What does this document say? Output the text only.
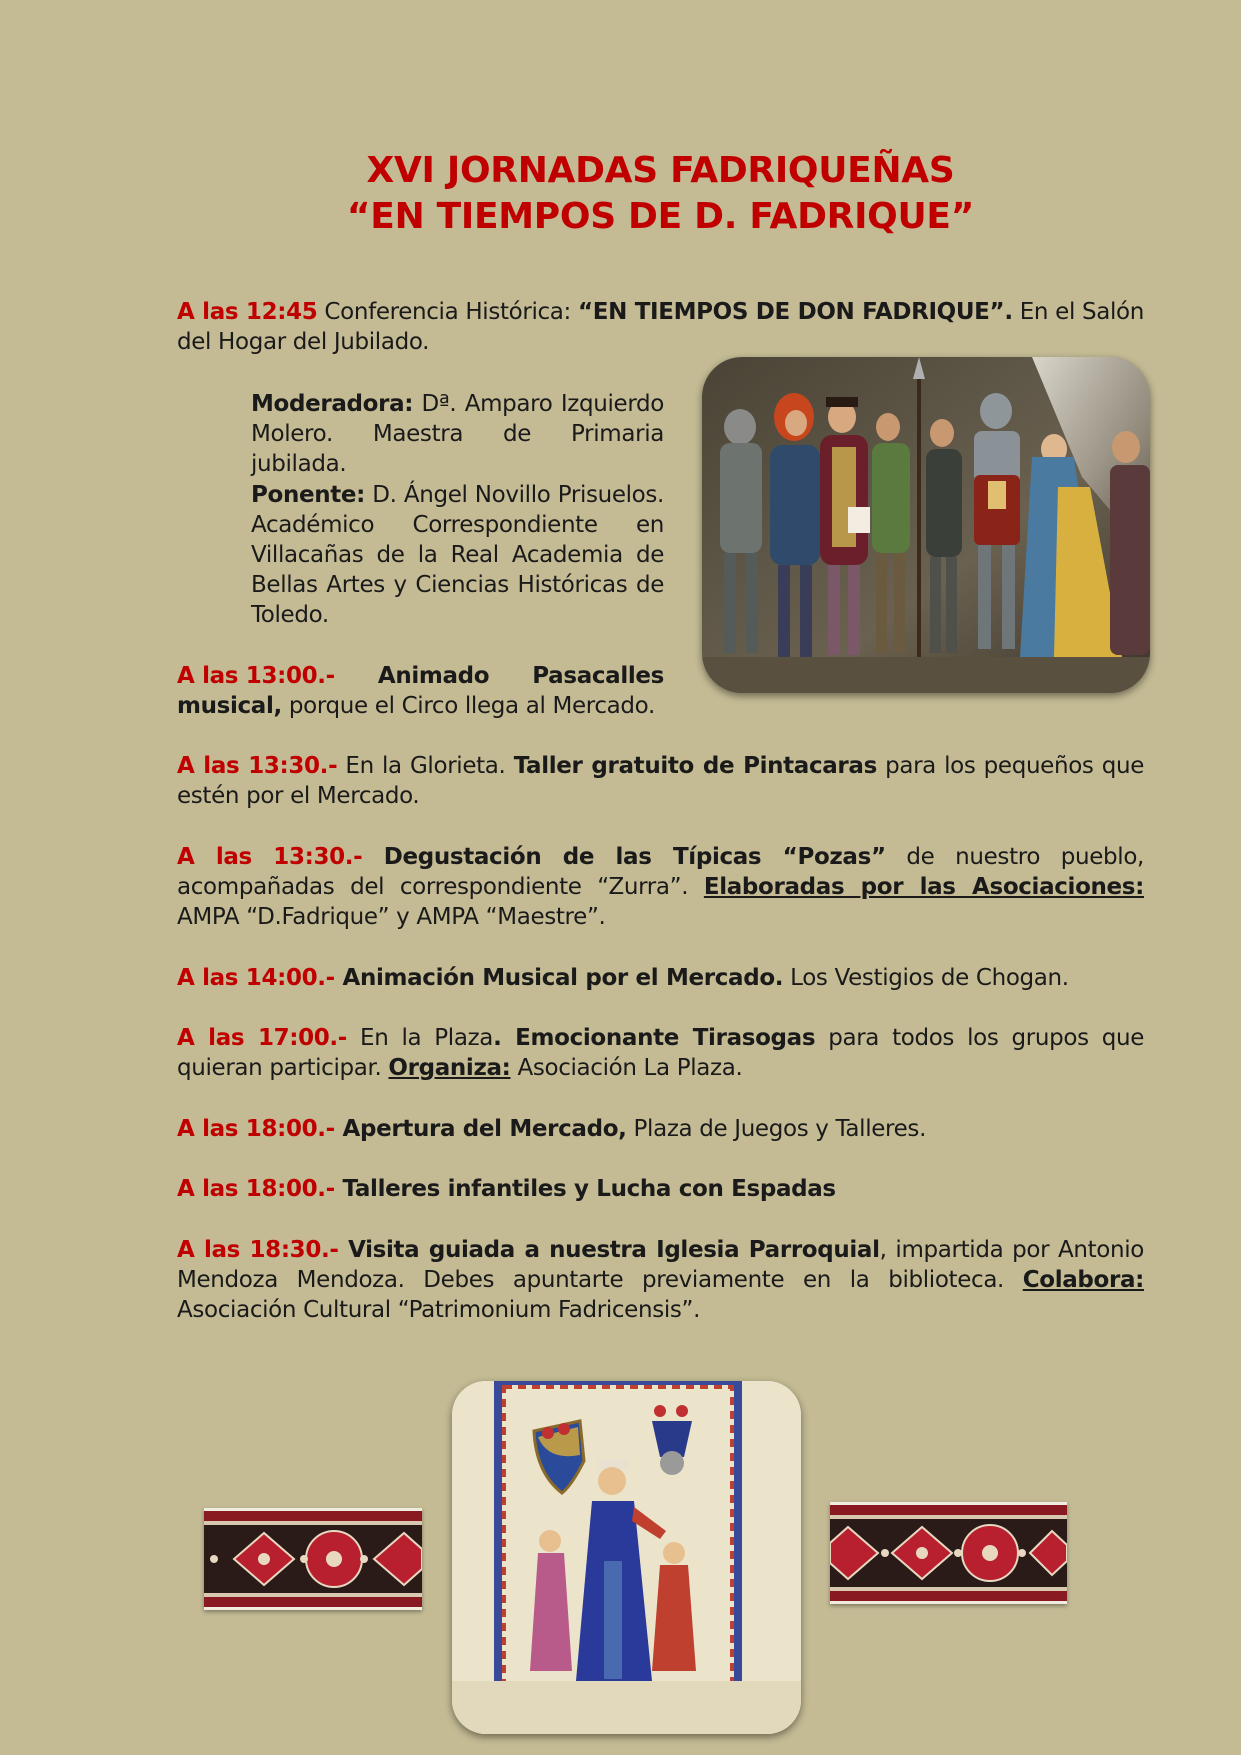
XVI JORNADAS FADRIQUEÑAS
“EN TIEMPOS DE D. FADRIQUE”
A las 12:45 Conferencia Histórica: “EN TIEMPOS DE DON FADRIQUE”. En el Salón del Hogar del Jubilado.
Moderadora: Dª. Amparo Izquierdo Molero. Maestra de Primaria jubilada.
Ponente: D. Ángel Novillo Prisuelos. Académico Correspondiente en Villacañas de la Real Academia de Bellas Artes y Ciencias Históricas de Toledo.
A las 13:00.- Animado Pasacalles
musical, porque el Circo llega al Mercado.
A las 13:30.- En la Glorieta. Taller gratuito de Pintacaras para los pequeños que estén por el Mercado.
A las 13:30.- Degustación de las Típicas “Pozas” de nuestro pueblo, acompañadas del correspondiente “Zurra”. Elaboradas por las Asociaciones: AMPA “D.Fadrique” y AMPA “Maestre”.
A las 14:00.- Animación Musical por el Mercado. Los Vestigios de Chogan.
A las 17:00.- En la Plaza. Emocionante Tirasogas para todos los grupos que quieran participar. Organiza: Asociación La Plaza.
A las 18:00.- Apertura del Mercado, Plaza de Juegos y Talleres.
A las 18:00.- Talleres infantiles y Lucha con Espadas
A las 18:30.- Visita guiada a nuestra Iglesia Parroquial, impartida por Antonio Mendoza Mendoza. Debes apuntarte previamente en la biblioteca. Colabora: Asociación Cultural “Patrimonium Fadricensis”.
